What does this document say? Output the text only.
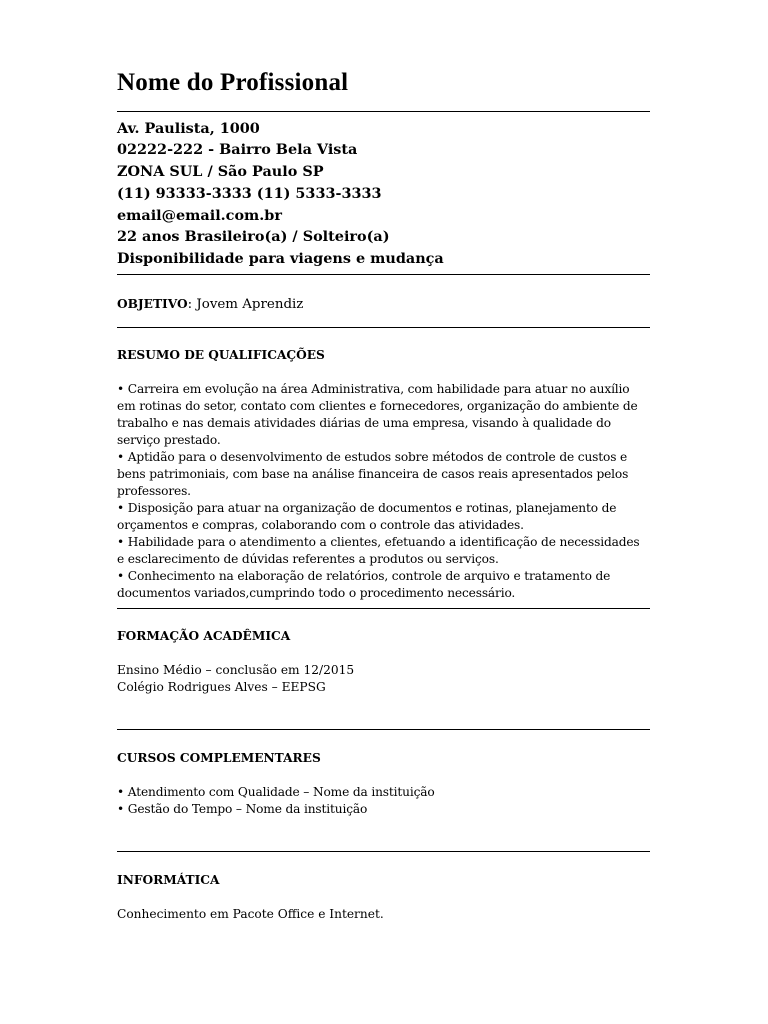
Nome do Profissional
Av. Paulista, 1000
02222-222 - Bairro Bela Vista
ZONA SUL / São Paulo SP
(11) 93333-3333 (11) 5333-3333
email@email.com.br
22 anos Brasileiro(a) / Solteiro(a)
Disponibilidade para viagens e mudança
OBJETIVO: Jovem Aprendiz
RESUMO DE QUALIFICAÇÕES
• Carreira em evolução na área Administrativa, com habilidade para atuar no auxílio em rotinas do setor, contato com clientes e fornecedores, organização do ambiente de trabalho e nas demais atividades diárias de uma empresa, visando à qualidade do serviço prestado.
• Aptidão para o desenvolvimento de estudos sobre métodos de controle de custos e bens patrimoniais, com base na análise financeira de casos reais apresentados pelos professores.
• Disposição para atuar na organização de documentos e rotinas, planejamento de orçamentos e compras, colaborando com o controle das atividades.
• Habilidade para o atendimento a clientes, efetuando a identificação de necessidades e esclarecimento de dúvidas referentes a produtos ou serviços.
• Conhecimento na elaboração de relatórios, controle de arquivo e tratamento de documentos variados,cumprindo todo o procedimento necessário.
FORMAÇÃO ACADÊMICA
Ensino Médio – conclusão em 12/2015
Colégio Rodrigues Alves – EEPSG
CURSOS COMPLEMENTARES
• Atendimento com Qualidade – Nome da instituição
• Gestão do Tempo – Nome da instituição
INFORMÁTICA
Conhecimento em Pacote Office e Internet.
